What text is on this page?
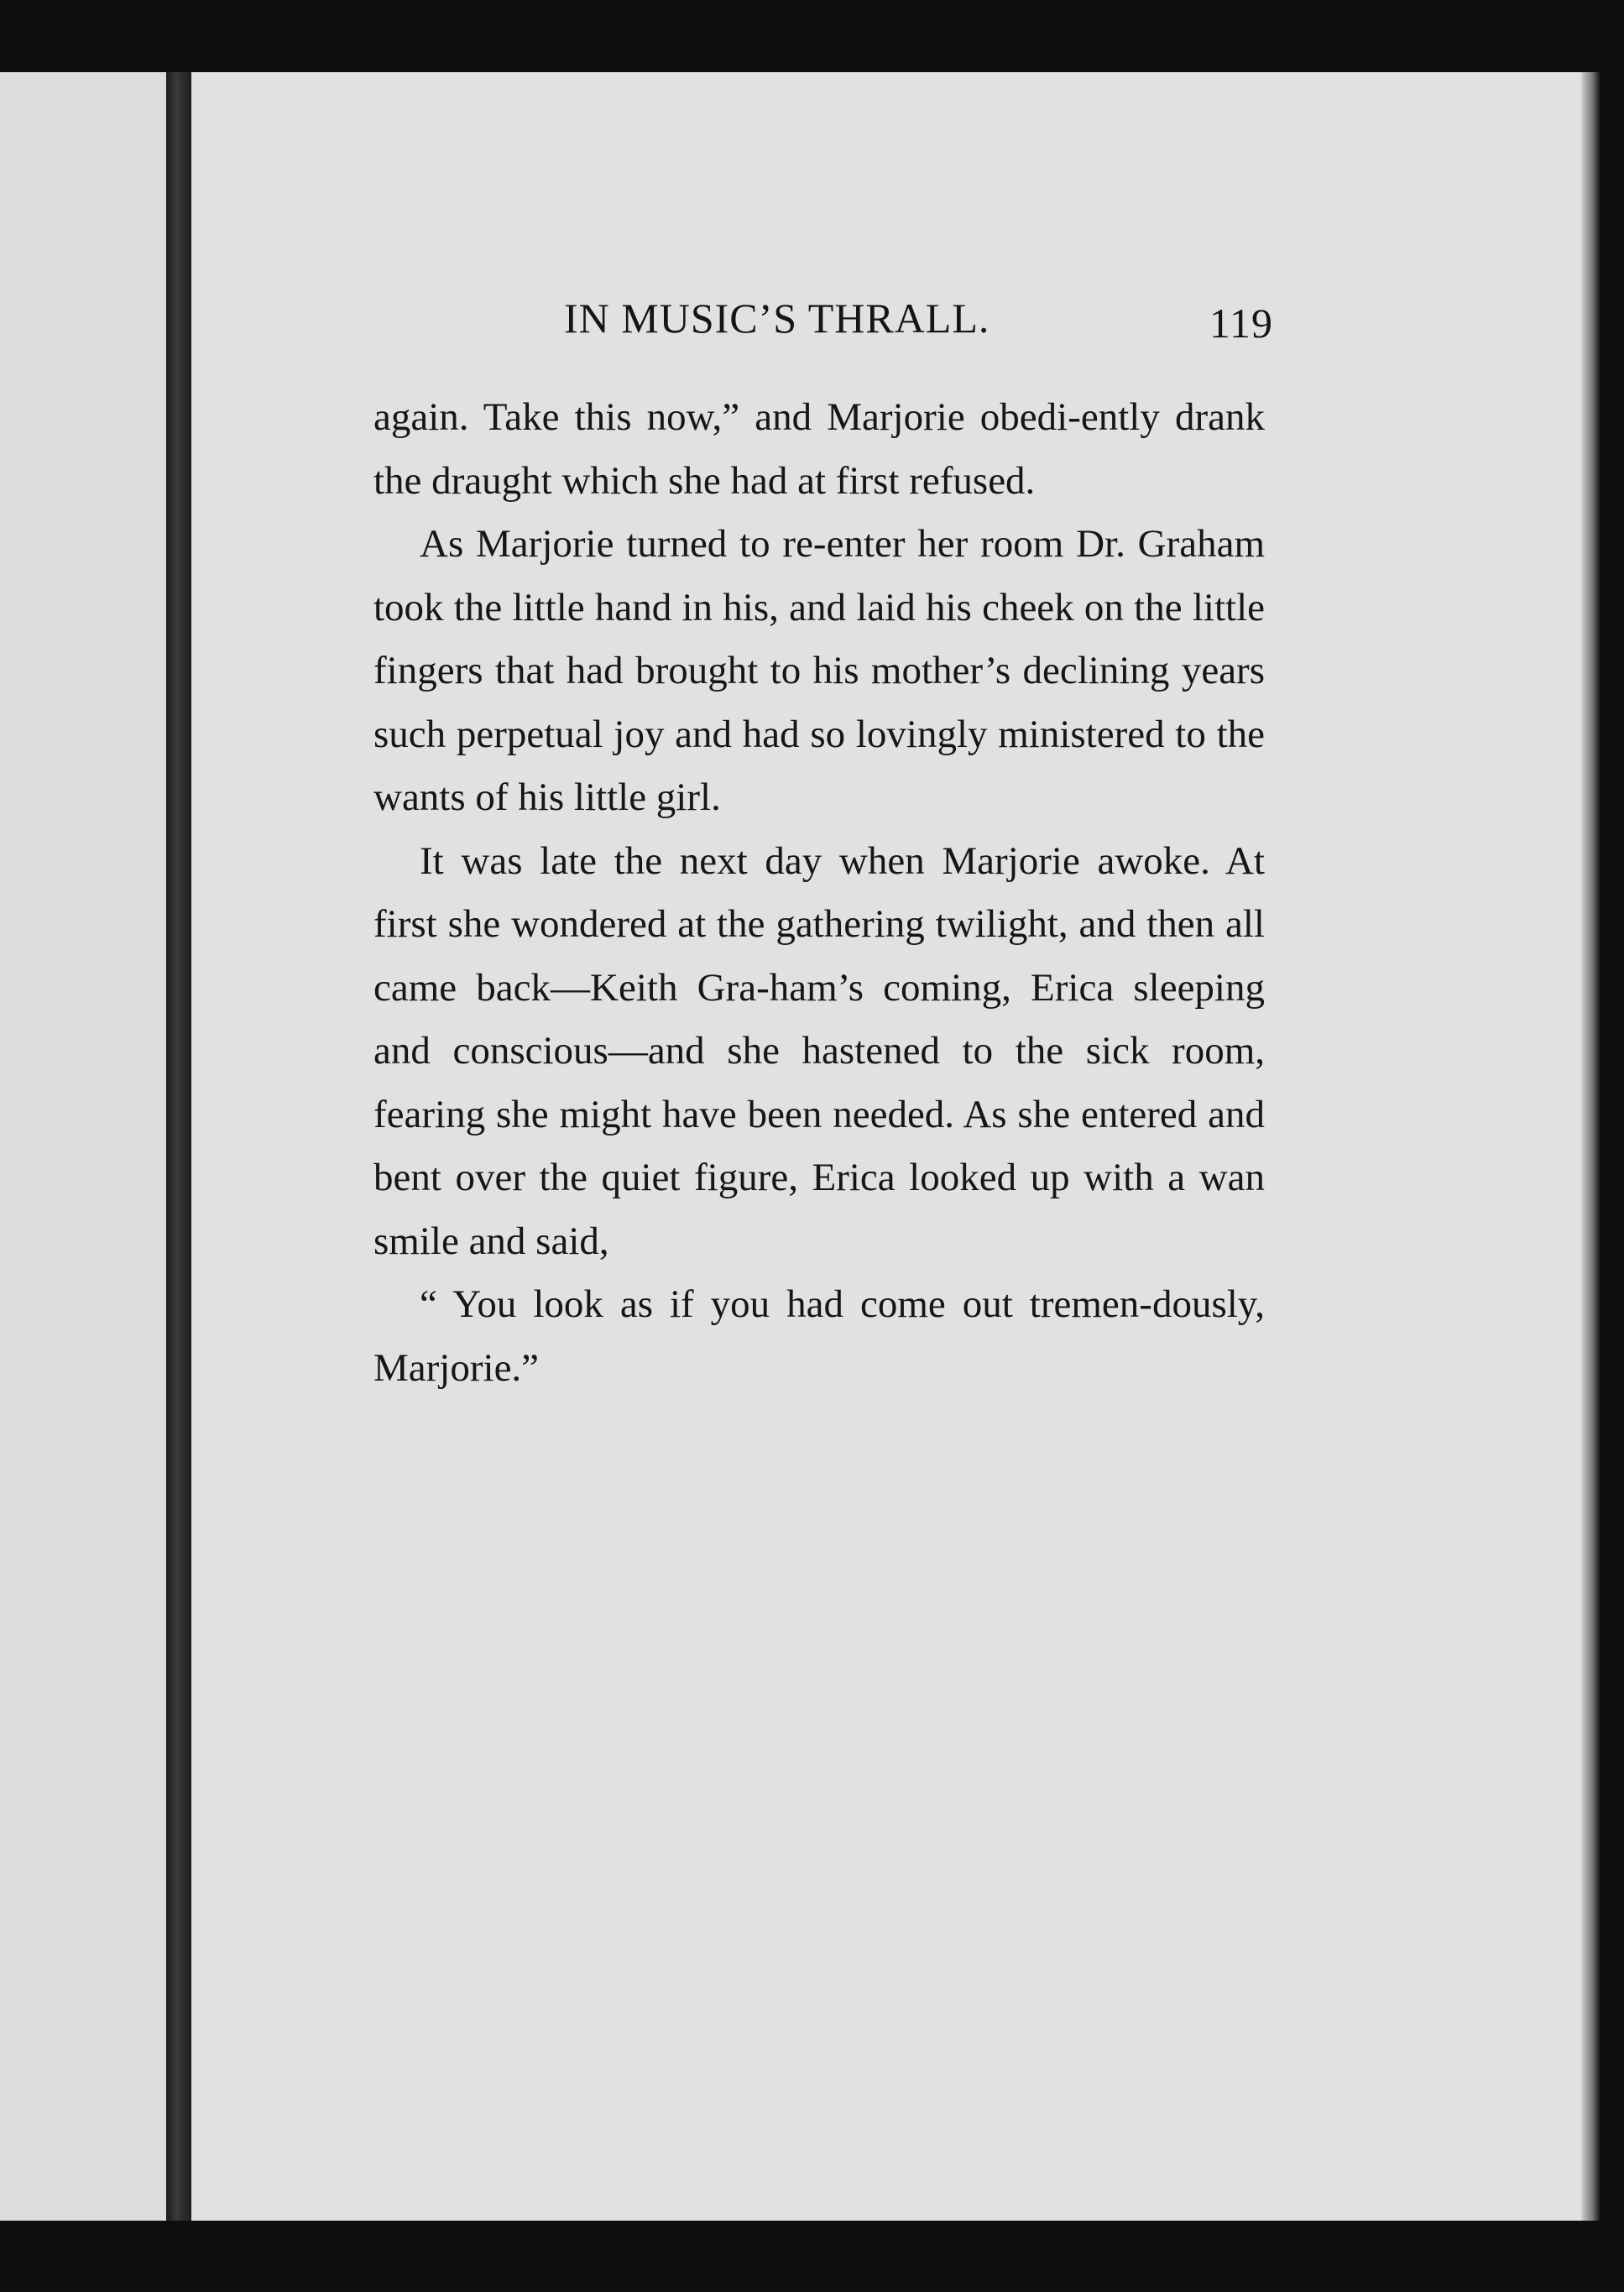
IN MUSIC’S THRALL.	119

again. Take this now,” and Marjorie obedi-ently drank the draught which she had at first refused.

As Marjorie turned to re-enter her room Dr. Graham took the little hand in his, and laid his cheek on the little fingers that had brought to his mother’s declining years such perpetual joy and had so lovingly ministered to the wants of his little girl.

It was late the next day when Marjorie awoke. At first she wondered at the gathering twilight, and then all came back—Keith Gra-ham’s coming, Erica sleeping and conscious—and she hastened to the sick room, fearing she might have been needed. As she entered and bent over the quiet figure, Erica looked up with a wan smile and said,

“ You look as if you had come out tremen-dously, Marjorie.”
